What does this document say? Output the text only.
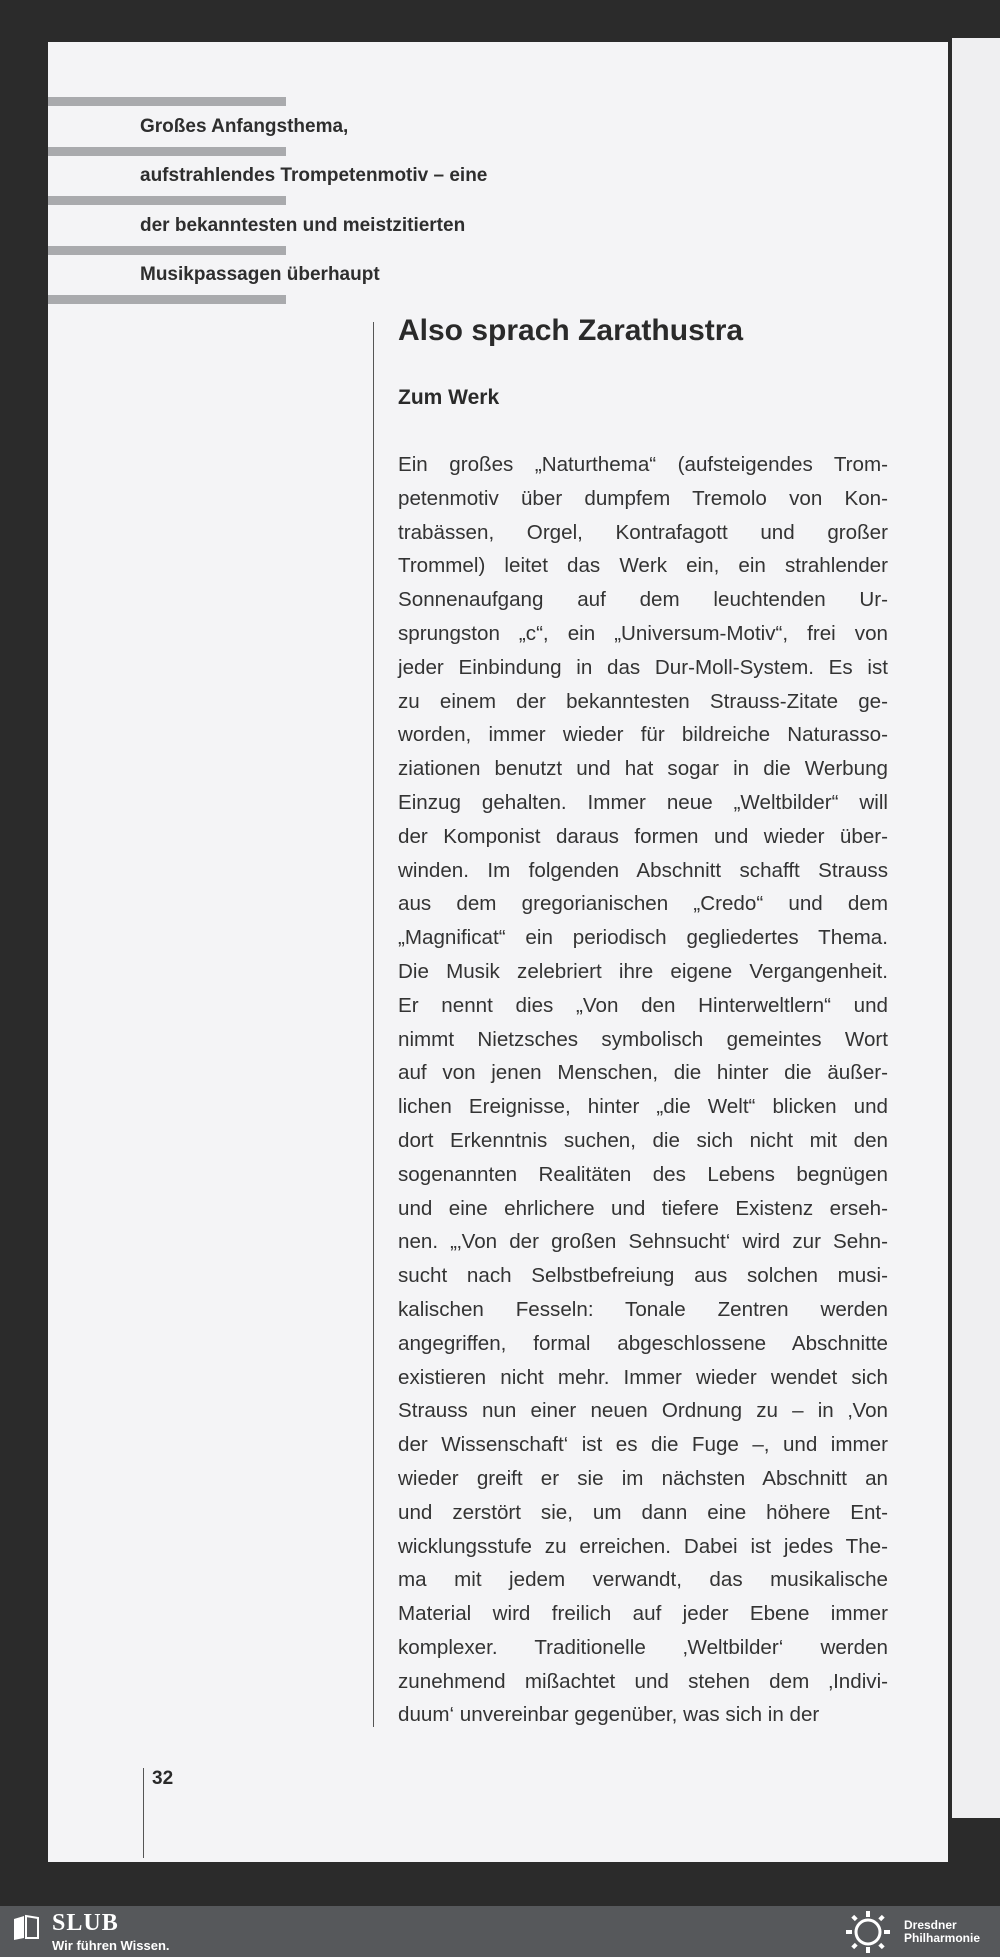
Großes Anfangsthema,
aufstrahlendes Trompetenmotiv – eine
der bekanntesten und meistzitierten
Musikpassagen überhaupt
Also sprach Zarathustra
Zum Werk
Ein großes „Naturthema“ (aufsteigendes Trom-
petenmotiv über dumpfem Tremolo von Kon-
trabässen, Orgel, Kontrafagott und großer
Trommel) leitet das Werk ein, ein strahlender
Sonnenaufgang auf dem leuchtenden Ur-
sprungston „c“, ein „Universum-Motiv“, frei von
jeder Einbindung in das Dur-Moll-System. Es ist
zu einem der bekanntesten Strauss-Zitate ge-
worden, immer wieder für bildreiche Naturasso-
ziationen benutzt und hat sogar in die Werbung
Einzug gehalten. Immer neue „Weltbilder“ will
der Komponist daraus formen und wieder über-
winden. Im folgenden Abschnitt schafft Strauss
aus dem gregorianischen „Credo“ und dem
„Magnificat“ ein periodisch gegliedertes Thema.
Die Musik zelebriert ihre eigene Vergangenheit.
Er nennt dies „Von den Hinterweltlern“ und
nimmt Nietzsches symbolisch gemeintes Wort
auf von jenen Menschen, die hinter die äußer-
lichen Ereignisse, hinter „die Welt“ blicken und
dort Erkenntnis suchen, die sich nicht mit den
sogenannten Realitäten des Lebens begnügen
und eine ehrlichere und tiefere Existenz erseh-
nen. „‚Von der großen Sehnsucht‘ wird zur Sehn-
sucht nach Selbstbefreiung aus solchen musi-
kalischen Fesseln: Tonale Zentren werden
angegriffen, formal abgeschlossene Abschnitte
existieren nicht mehr. Immer wieder wendet sich
Strauss nun einer neuen Ordnung zu – in ‚Von
der Wissenschaft‘ ist es die Fuge –, und immer
wieder greift er sie im nächsten Abschnitt an
und zerstört sie, um dann eine höhere Ent-
wicklungsstufe zu erreichen. Dabei ist jedes The-
ma mit jedem verwandt, das musikalische
Material wird freilich auf jeder Ebene immer
komplexer. Traditionelle ‚Weltbilder‘ werden
zunehmend mißachtet und stehen dem ‚Indivi-
duum‘ unvereinbar gegenüber, was sich in der
32
SLUB
Wir führen Wissen.
Dresdner
Philharmonie
